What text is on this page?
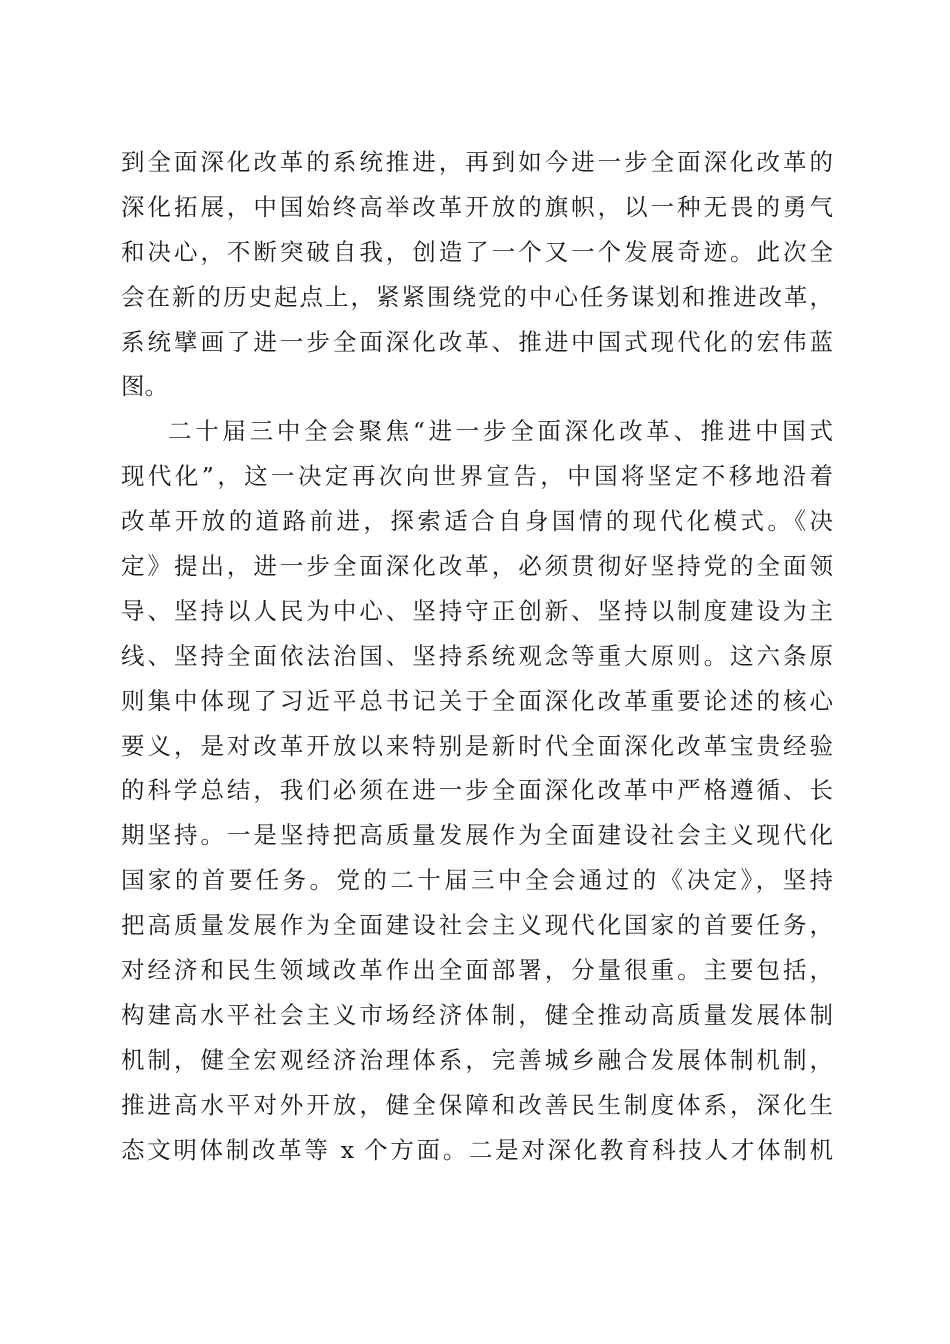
到全面深化改革的系统推进，再到如今进一步全面深化改革的
深化拓展，中国始终高举改革开放的旗帜，以一种无畏的勇气
和决心，不断突破自我，创造了一个又一个发展奇迹。此次全
会在新的历史起点上，紧紧围绕党的中心任务谋划和推进改革，
系统擘画了进一步全面深化改革、推进中国式现代化的宏伟蓝
图。
二十届三中全会聚焦“进一步全面深化改革、推进中国式
现代化”，这一决定再次向世界宣告，中国将坚定不移地沿着
改革开放的道路前进，探索适合自身国情的现代化模式。《决
定》提出，进一步全面深化改革，必须贯彻好坚持党的全面领
导、坚持以人民为中心、坚持守正创新、坚持以制度建设为主
线、坚持全面依法治国、坚持系统观念等重大原则。这六条原
则集中体现了习近平总书记关于全面深化改革重要论述的核心
要义，是对改革开放以来特别是新时代全面深化改革宝贵经验
的科学总结，我们必须在进一步全面深化改革中严格遵循、长
期坚持。一是坚持把高质量发展作为全面建设社会主义现代化
国家的首要任务。党的二十届三中全会通过的《决定》，坚持
把高质量发展作为全面建设社会主义现代化国家的首要任务，
对经济和民生领域改革作出全面部署，分量很重。主要包括，
构建高水平社会主义市场经济体制，健全推动高质量发展体制
机制，健全宏观经济治理体系，完善城乡融合发展体制机制，
推进高水平对外开放，健全保障和改善民生制度体系，深化生
态文明体制改革等 x 个方面。二是对深化教育科技人才体制机
